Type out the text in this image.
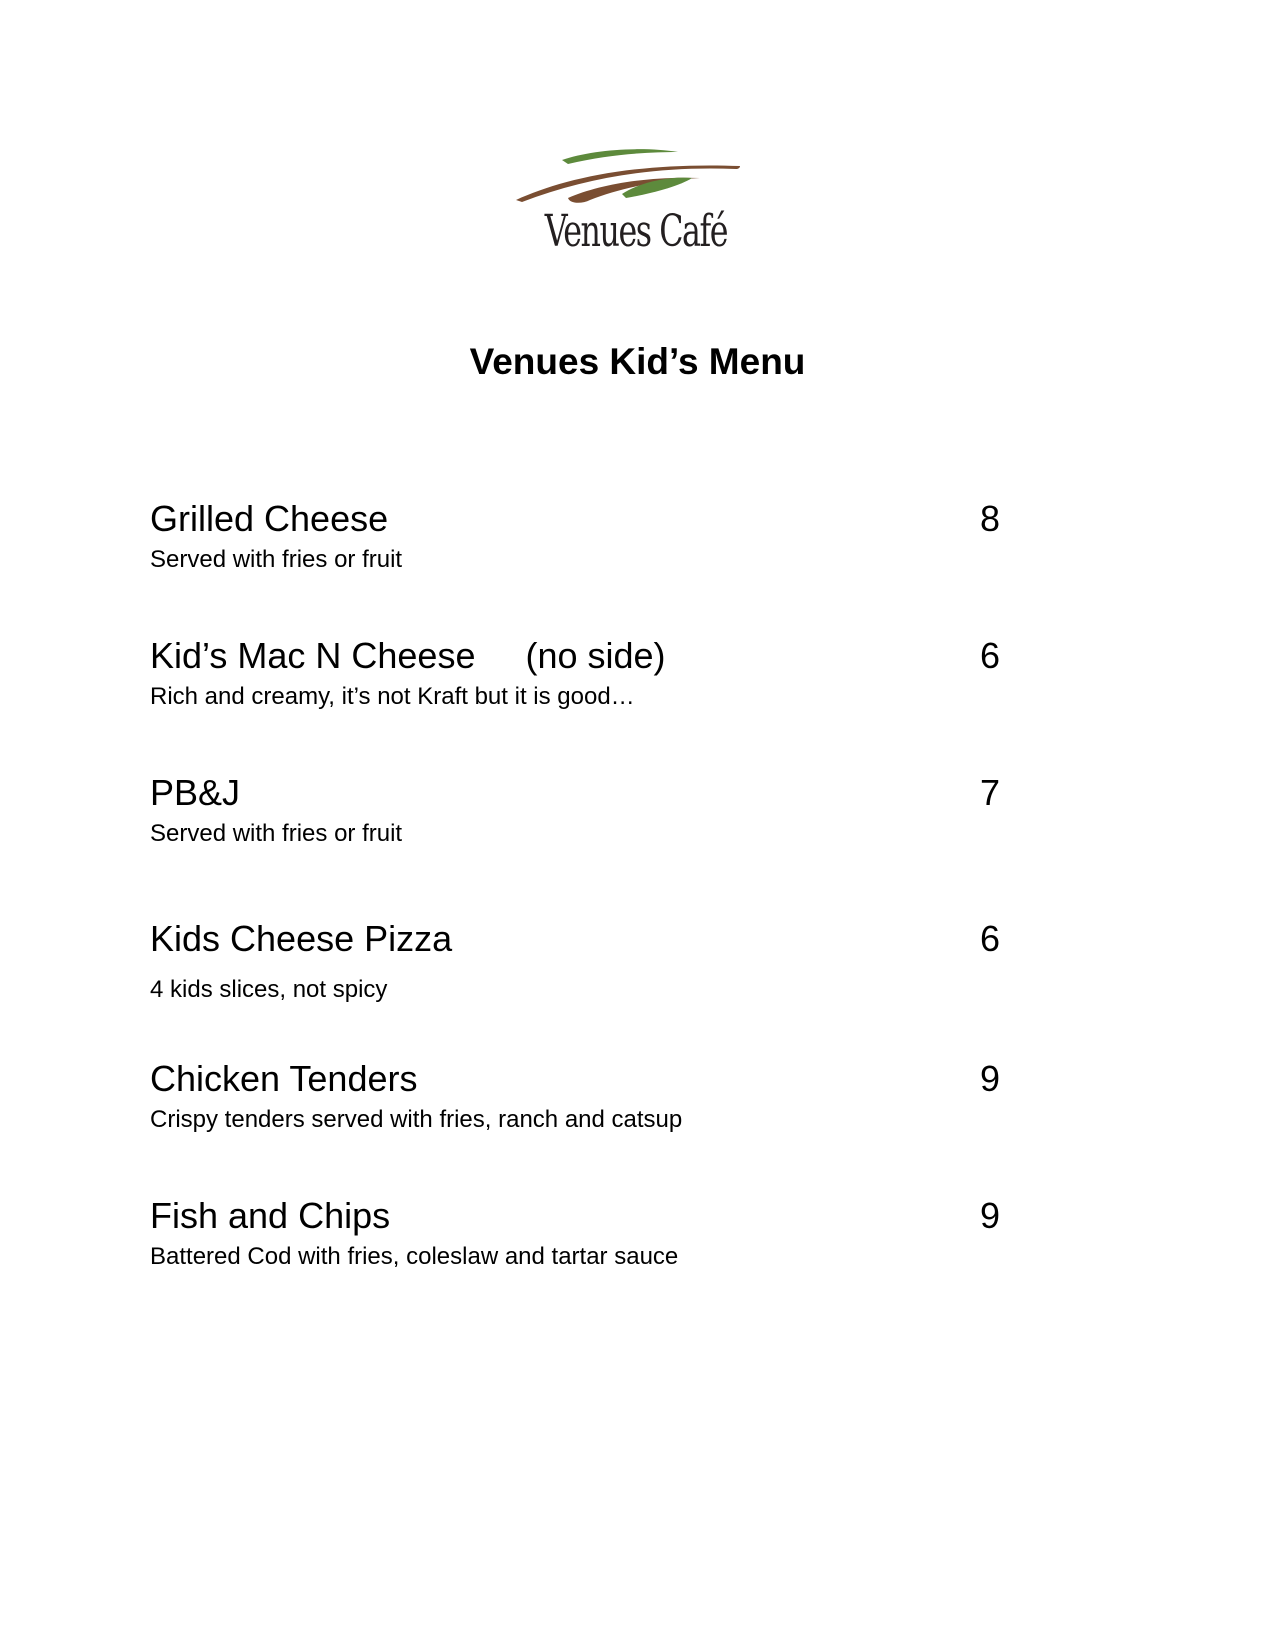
Venues Café
Venues Kid’s Menu
Grilled Cheese	8
Served with fries or fruit
Kid’s Mac N Cheese     (no side)	6
Rich and creamy, it’s not Kraft but it is good…
PB&J	7
Served with fries or fruit
Kids Cheese Pizza	6
4 kids slices, not spicy
Chicken Tenders	9
Crispy tenders served with fries, ranch and catsup
Fish and Chips	9
Battered Cod with fries, coleslaw and tartar sauce
